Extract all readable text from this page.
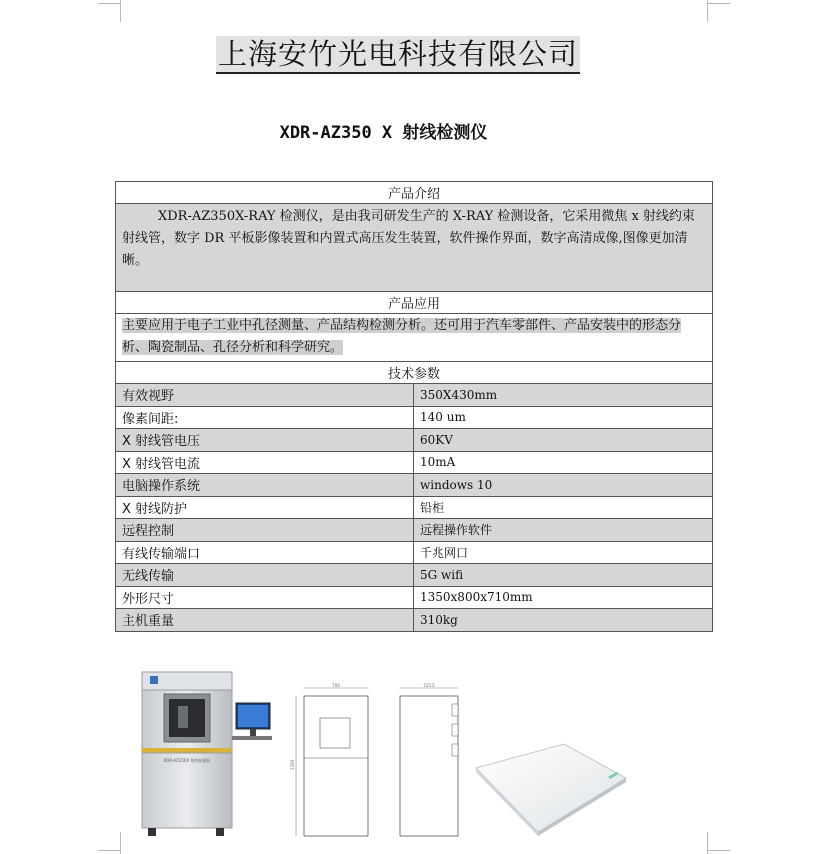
上海安竹光电科技有限公司
XDR-AZ350 X 射线检测仪
产品介绍	
XDR-AZ350X-RAY 检测仪，是由我司研发生产的 X-RAY 检测设备，它采用微焦 x 射线约束射线管，数字 DR 平板影像装置和内置式高压发生装置，软件操作界面，数字高清成像,图像更加清晰。	
产品应用	
主要应用于电子工业中孔径测量、产品结构检测分析。还可用于汽车零部件、产品安装中的形态分析、陶瓷制品、孔径分析和科学研究。	
技术参数	
有效视野	350X430mm
像素间距:	140 um
X 射线管电压	60KV
X 射线管电流	10mA
电脑操作系统	windows 10
X 射线防护	铅柜
远程控制	远程操作软件
有线传输端口	千兆网口
无线传输	5G wifi
外形尺寸	1350x800x710mm
主机重量	310kg
XDR-AZ350X 射线检测仪
700
1350
715.5
